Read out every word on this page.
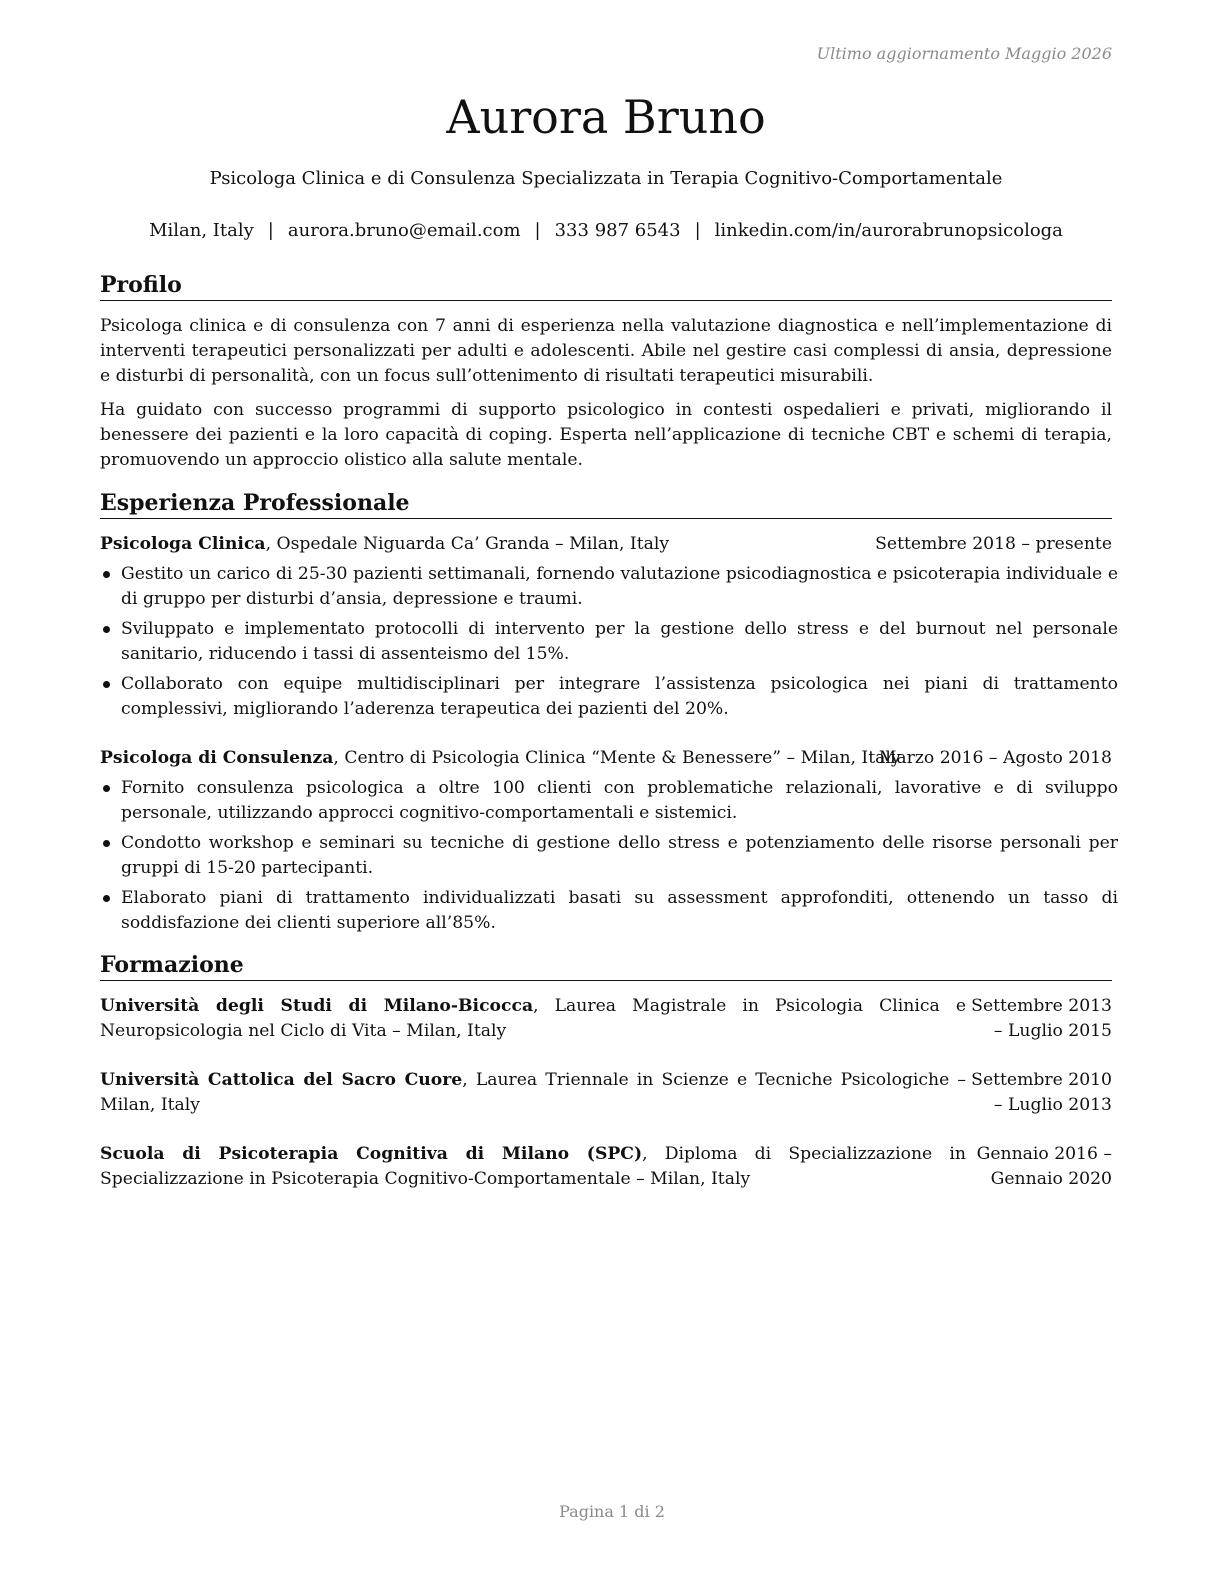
Ultimo aggiornamento Maggio 2026
Aurora Bruno
Psicologa Clinica e di Consulenza Specializzata in Terapia Cognitivo-Comportamentale
Milan, Italy | aurora.bruno@email.com | 333 987 6543 | linkedin.com/in/aurorabrunopsicologa
Profilo
Psicologa clinica e di consulenza con 7 anni di esperienza nella valutazione diagnostica e nell’implementazione di interventi terapeutici personalizzati per adulti e adolescenti. Abile nel gestire casi complessi di ansia, depressione e disturbi di personalità, con un focus sull’ottenimento di risultati terapeutici misurabili.
Ha guidato con successo programmi di supporto psicologico in contesti ospedalieri e privati, migliorando il benessere dei pazienti e la loro capacità di coping. Esperta nell’applicazione di tecniche CBT e schemi di terapia, promuovendo un approccio olistico alla salute mentale.
Esperienza Professionale
Psicologa Clinica, Ospedale Niguarda Ca’ Granda – Milan, Italy	Settembre 2018 – presente
Gestito un carico di 25-30 pazienti settimanali, fornendo valutazione psicodiagnostica e psicoterapia individuale e di gruppo per disturbi d’ansia, depressione e traumi.
Sviluppato e implementato protocolli di intervento per la gestione dello stress e del burnout nel personale sanitario, riducendo i tassi di assenteismo del 15%.
Collaborato con equipe multidisciplinari per integrare l’assistenza psicologica nei piani di trattamento complessivi, migliorando l’aderenza terapeutica dei pazienti del 20%.
Psicologa di Consulenza, Centro di Psicologia Clinica “Mente & Benessere” – Milan, Italy
Marzo 2016 – Agosto 2018
Fornito consulenza psicologica a oltre 100 clienti con problematiche relazionali, lavorative e di sviluppo personale, utilizzando approcci cognitivo-comportamentali e sistemici.
Condotto workshop e seminari su tecniche di gestione dello stress e potenziamento delle risorse personali per gruppi di 15-20 partecipanti.
Elaborato piani di trattamento individualizzati basati su assessment approfonditi, ottenendo un tasso di soddisfazione dei clienti superiore all’85%.
Formazione
Università degli Studi di Milano-Bicocca, Laurea Magistrale in Psicologia Clinica e Neuropsicologia nel Ciclo di Vita – Milan, Italy
Settembre 2013 – Luglio 2015
Università Cattolica del Sacro Cuore, Laurea Triennale in Scienze e Tecniche Psicologiche – Milan, Italy
Settembre 2010 – Luglio 2013
Scuola di Psicoterapia Cognitiva di Milano (SPC), Diploma di Specializzazione in Specializzazione in Psicoterapia Cognitivo-Comportamentale – Milan, Italy
Gennaio 2016 – Gennaio 2020
Pagina 1 di 2
